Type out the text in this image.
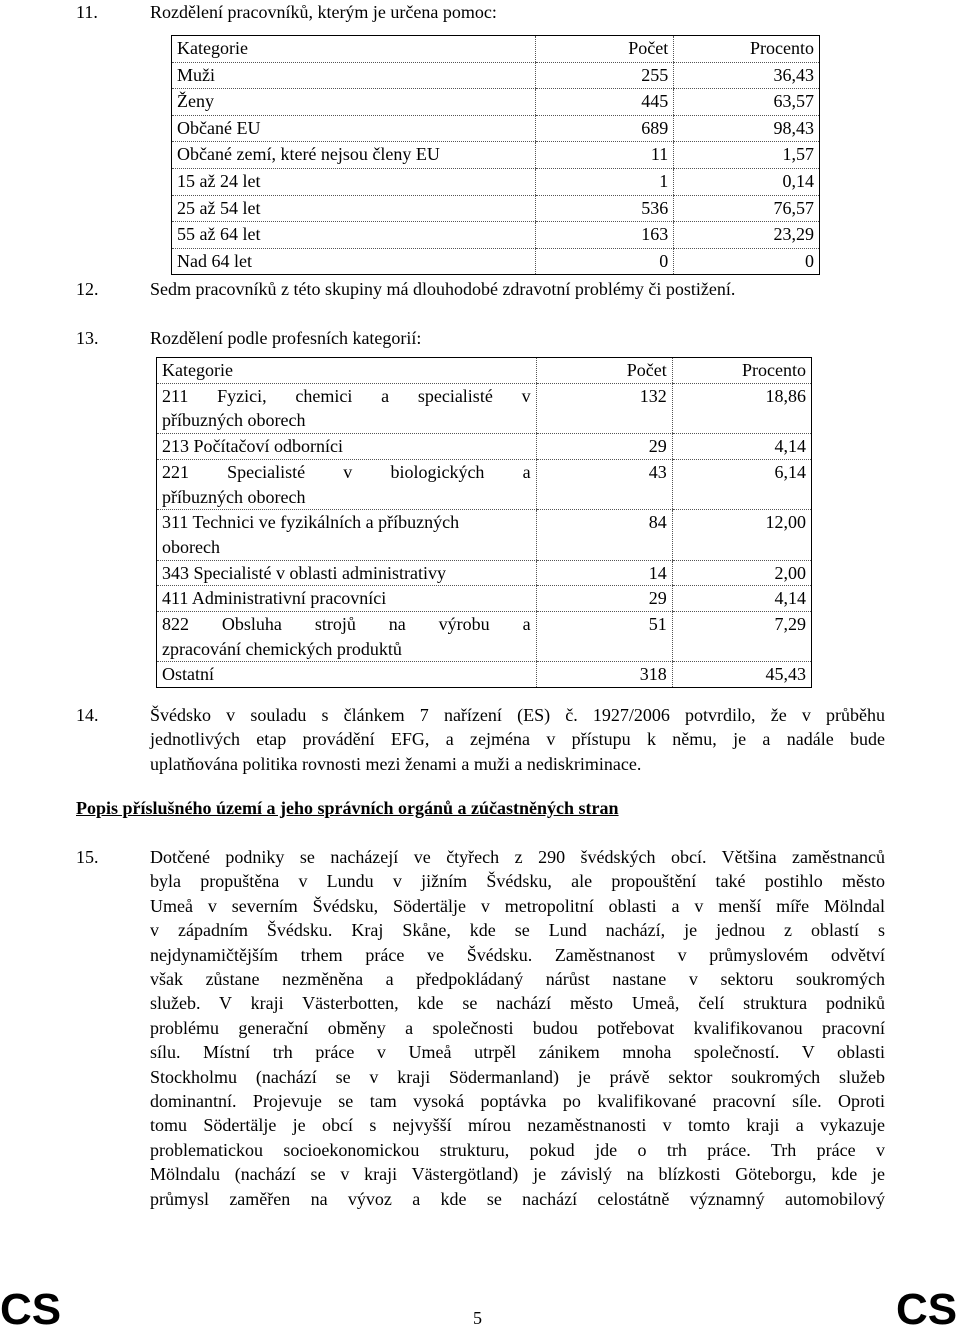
11.	Rozdělení pracovníků, kterým je určena pomoc:
Kategorie	Počet	Procento
Muži	255	36,43
Ženy	445	63,57
Občané EU	689	98,43
Občané zemí, které nejsou členy EU	11	1,57
15 až 24 let	1	0,14
25 až 54 let	536	76,57
55 až 64 let	163	23,29
Nad 64 let	0	0
12.	Sedm pracovníků z této skupiny má dlouhodobé zdravotní problémy či postižení.
13.	Rozdělení podle profesních kategorií:
Kategorie	Počet	Procento

211 Fyzici, chemici a specialisté v
příbuzných oborech	132	18,86

213 Počítačoví odborníci	29	4,14

221 Specialisté v biologických a
příbuzných oborech	43	6,14

311 Technici ve fyzikálních a příbuzných
oborech	84	12,00

343 Specialisté v oblasti administrativy	14	2,00

411 Administrativní pracovníci	29	4,14

822 Obsluha strojů na výrobu a
zpracování chemických produktů	51	7,29

Ostatní	318	45,43
14.	Švédsko v souladu s článkem 7 nařízení (ES) č. 1927/2006 potvrdilo, že v průběhu
jednotlivých etap provádění EFG, a zejména v přístupu k němu, je a nadále bude
uplatňována politika rovnosti mezi ženami a muži a nediskriminace.
Popis příslušného území a jeho správních orgánů a zúčastněných stran
15.	Dotčené podniky se nacházejí ve čtyřech z 290 švédských obcí. Většina zaměstnanců
byla propuštěna v Lundu v jižním Švédsku, ale propouštění také postihlo město
Umeå v severním Švédsku, Södertälje v metropolitní oblasti a v menší míře Mölndal
v západním Švédsku. Kraj Skåne, kde se Lund nachází, je jednou z oblastí s
nejdynamičtějším trhem práce ve Švédsku. Zaměstnanost v průmyslovém odvětví
však zůstane nezměněna a předpokládaný nárůst nastane v sektoru soukromých
služeb. V kraji Västerbotten, kde se nachází město Umeå, čelí struktura podniků
problému generační obměny a společnosti budou potřebovat kvalifikovanou pracovní
sílu. Místní trh práce v Umeå utrpěl zánikem mnoha společností. V oblasti
Stockholmu (nachází se v kraji Södermanland) je právě sektor soukromých služeb
dominantní. Projevuje se tam vysoká poptávka po kvalifikované pracovní síle. Oproti
tomu Södertälje je obcí s nejvyšší mírou nezaměstnanosti v tomto kraji a vykazuje
problematickou socioekonomickou strukturu, pokud jde o trh práce. Trh práce v
Mölndalu (nachází se v kraji Västergötland) je závislý na blízkosti Göteborgu, kde je
průmysl zaměřen na vývoz a kde se nachází celostátně významný automobilový
CS	5	CS
